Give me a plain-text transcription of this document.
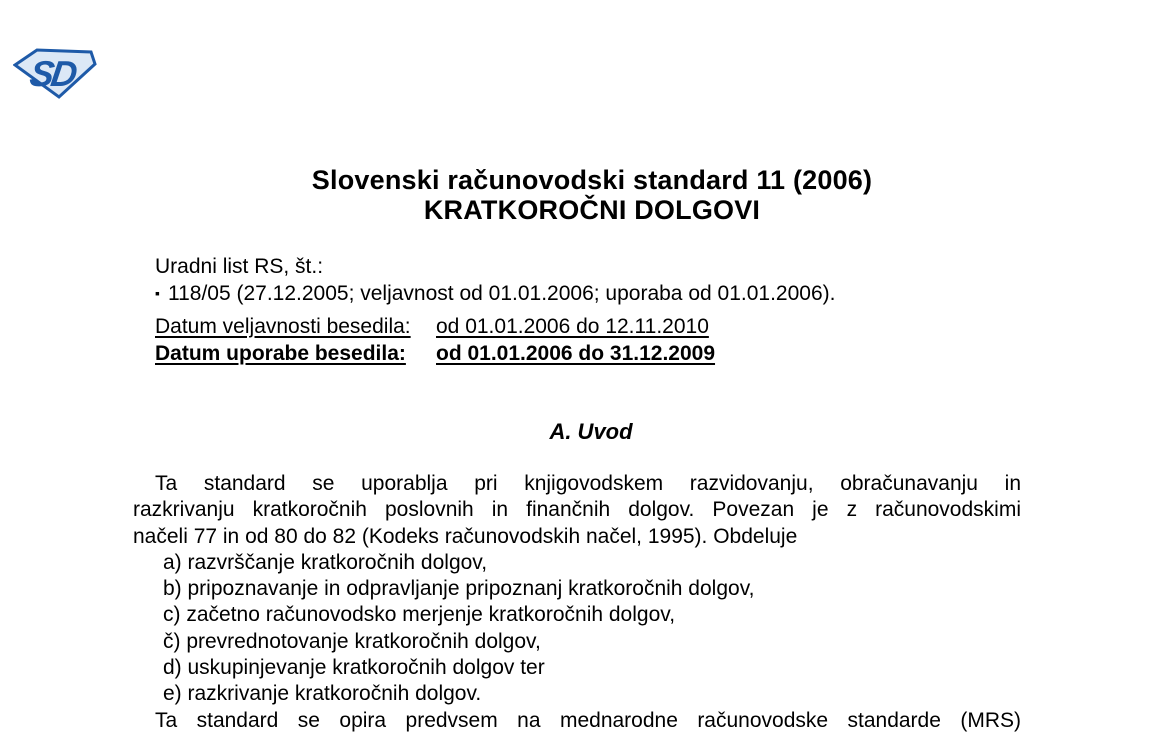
SD
Slovenski računovodski standard 11 (2006)
KRATKOROČNI DOLGOVI
Uradni list RS, št.:
▪ 118/05 (27.12.2005; veljavnost od 01.01.2006; uporaba od 01.01.2006).
Datum veljavnosti besedila: od 01.01.2006 do 12.11.2010
Datum uporabe besedila: od 01.01.2006 do 31.12.2009
A. Uvod
Ta standard se uporablja pri knjigovodskem razvidovanju, obračunavanju in
razkrivanju kratkoročnih poslovnih in finančnih dolgov. Povezan je z računovodskimi
načeli 77 in od 80 do 82 (Kodeks računovodskih načel, 1995). Obdeluje
a) razvrščanje kratkoročnih dolgov,
b) pripoznavanje in odpravljanje pripoznanj kratkoročnih dolgov,
c) začetno računovodsko merjenje kratkoročnih dolgov,
č) prevrednotovanje kratkoročnih dolgov,
d) uskupinjevanje kratkoročnih dolgov ter
e) razkrivanje kratkoročnih dolgov.
Ta standard se opira predvsem na mednarodne računovodske standarde (MRS)
